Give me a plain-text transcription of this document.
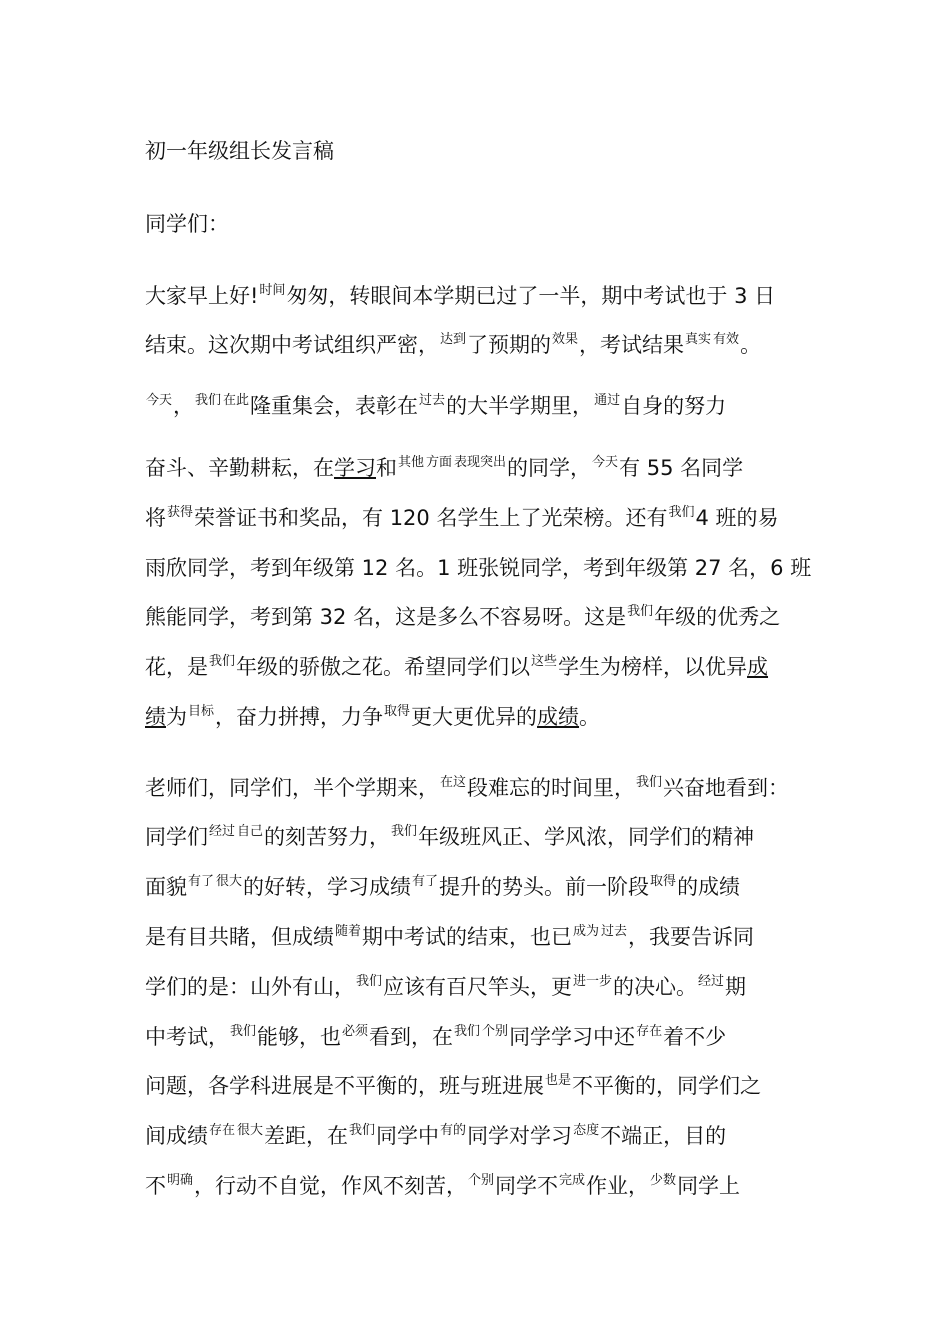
初一年级组长发言稿
同学们：
大家早上好!$^{时间}$匆匆，转眼间本学期已过了一半，期中考试也于 3 日
结束。这次期中考试组织严密，$^{达到}$了预期的$^{效果}$，考试结果$^{真实}$ $^{有效}$。
$^{今天}$，$^{我们}$ $^{在此}$隆重集会，表彰在$^{过去}$的大半学期里，$^{通过}$自身的努力
奋斗、辛勤耕耘，在学习和$^{其他}$ $^{方面}$ $^{表现突出}$的同学，$^{今天}$有 55 名同学
将$^{获得}$荣誉证书和奖品，有 120 名学生上了光荣榜。还有$^{我们}$4 班的易
雨欣同学，考到年级第 12 名。1 班张锐同学，考到年级第 27 名，6 班
熊能同学，考到第 32 名，这是多么不容易呀。这是$^{我们}$年级的优秀之
花，是$^{我们}$年级的骄傲之花。希望同学们以$^{这些}$学生为榜样，以优异成
绩为$^{目标}$，奋力拼搏，力争$^{取得}$更大更优异的成绩。
老师们，同学们，半个学期来，$^{在这}$段难忘的时间里，$^{我们}$兴奋地看到：
同学们$^{经过}$ $^{自己}$的刻苦努力，$^{我们}$年级班风正、学风浓，同学们的精神
面貌$^{有了}$ $^{很大}$的好转，学习成绩$^{有了}$提升的势头。前一阶段$^{取得}$的成绩
是有目共睹，但成绩$^{随着}$期中考试的结束，也已$^{成为}$ $^{过去}$，我要告诉同
学们的是：山外有山，$^{我们}$应该有百尺竿头，更$^{进一步}$的决心。$^{经过}$期
中考试，$^{我们}$能够，也$^{必须}$看到，在$^{我们}$ $^{个别}$同学学习中还$^{存在}$着不少
问题，各学科进展是不平衡的，班与班进展$^{也是}$不平衡的，同学们之
间成绩$^{存在}$ $^{很大}$差距，在$^{我们}$同学中$^{有的}$同学对学习$^{态度}$不端正，目的
不$^{明确}$，行动不自觉，作风不刻苦，$^{个别}$同学不$^{完成}$作业，$^{少数}$同学上
